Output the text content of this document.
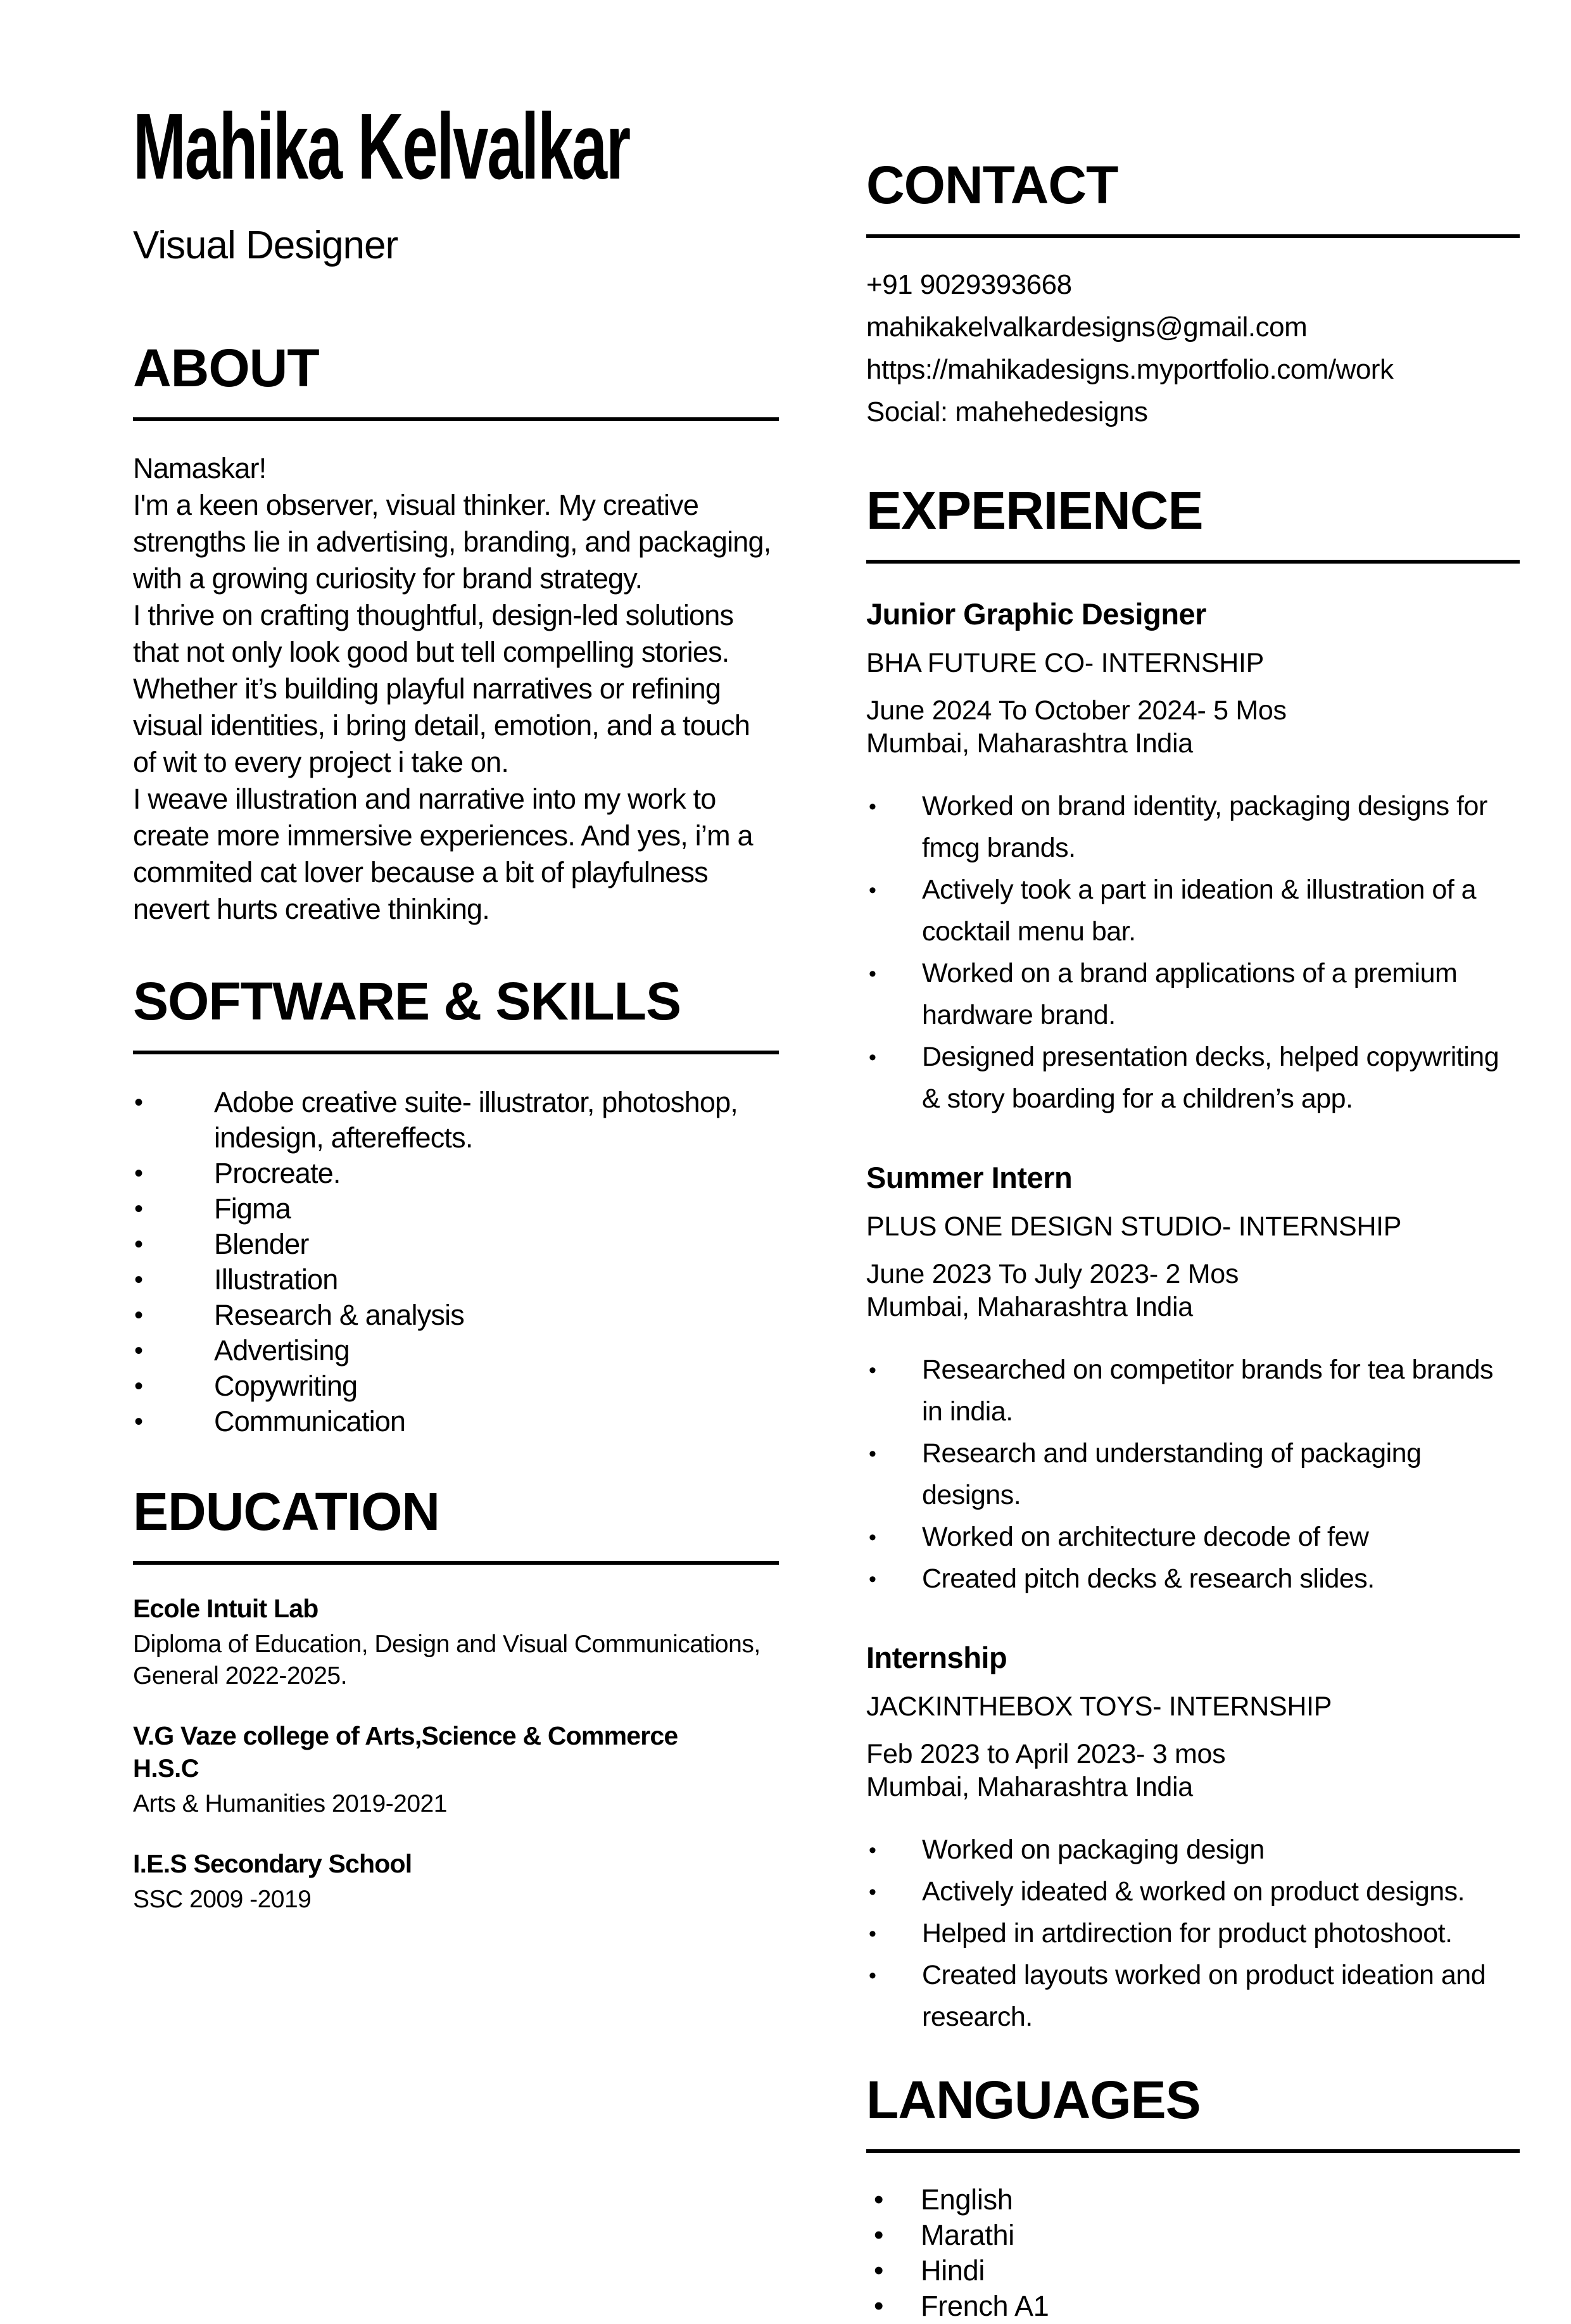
Mahika Kelvalkar
Visual Designer
ABOUT

Namaskar!

I'm a keen observer, visual thinker. My creative strengths lie in advertising, branding, and packaging, with a growing curiosity for brand strategy.

I thrive on crafting thoughtful, design-led solutions that not only look good but tell compelling stories. Whether it’s building playful narratives or refining visual identities, i bring detail, emotion, and a touch of wit to every project i take on.

I weave illustration and narrative into my work to create more immersive experiences. And yes, i’m a commited cat lover because a bit of playfulness nevert hurts creative thinking.

SOFTWARE & SKILLS
• Adobe creative suite- illustrator, photoshop, indesign, aftereffects.
• Procreate.
• Figma
• Blender
• Illustration
• Research & analysis
• Advertising
• Copywriting
• Communication
EDUCATION
Ecole Intuit Lab
Diploma of Education, Design and Visual Communications, General 2022-2025.
V.G Vaze college of Arts,Science & Commerce
H.S.C
Arts & Humanities 2019-2021
I.E.S Secondary School
SSC 2009 -2019
CONTACT
+91 9029393668
mahikakelvalkardesigns@gmail.com
https://mahikadesigns.myportfolio.com/work
Social: mahehedesigns
EXPERIENCE
Junior Graphic Designer
BHA FUTURE CO- INTERNSHIP
June 2024 To October 2024- 5 Mos
Mumbai, Maharashtra India
• Worked on brand identity, packaging designs for fmcg brands.
• Actively took a part in ideation & illustration of a cocktail menu bar.
• Worked on a brand applications of a premium hardware brand.
• Designed presentation decks, helped copywriting & story boarding for a children’s app.
Summer Intern
PLUS ONE DESIGN STUDIO- INTERNSHIP
June 2023 To July 2023- 2 Mos
Mumbai, Maharashtra India
• Researched on competitor brands for tea brands in india.
• Research and understanding of packaging designs.
• Worked on architecture decode of few
• Created pitch decks & research slides.
Internship
JACKINTHEBOX TOYS- INTERNSHIP
Feb 2023 to April 2023- 3 mos
Mumbai, Maharashtra India
• Worked on packaging design
• Actively ideated & worked on product designs.
• Helped in artdirection for product photoshoot.
• Created layouts worked on product ideation and research.
LANGUAGES
• English
• Marathi
• Hindi
• French A1
